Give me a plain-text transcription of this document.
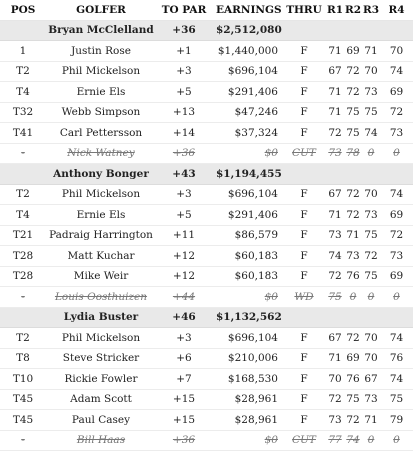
POS	GOLFER	TO PAR	EARNINGS	THRU	R1	R2	R3	R4
	Bryan McClelland	+36	$2,512,080					
1	Justin Rose	+1	$1,440,000	F	71	69	71	70
T2	Phil Mickelson	+3	$696,104	F	67	72	70	74
T4	Ernie Els	+5	$291,406	F	71	72	73	69
T32	Webb Simpson	+13	$47,246	F	71	75	75	72
T41	Carl Pettersson	+14	$37,324	F	72	75	74	73
-	Nick Watney	+36	$0	CUT	73	78	0	0
	Anthony Bonger	+43	$1,194,455					
T2	Phil Mickelson	+3	$696,104	F	67	72	70	74
T4	Ernie Els	+5	$291,406	F	71	72	73	69
T21	Padraig Harrington	+11	$86,579	F	73	71	75	72
T28	Matt Kuchar	+12	$60,183	F	74	73	72	73
T28	Mike Weir	+12	$60,183	F	72	76	75	69
-	Louis Oosthuizen	+44	$0	WD	75	0	0	0
	Lydia Buster	+46	$1,132,562					
T2	Phil Mickelson	+3	$696,104	F	67	72	70	74
T8	Steve Stricker	+6	$210,006	F	71	69	70	76
T10	Rickie Fowler	+7	$168,530	F	70	76	67	74
T45	Adam Scott	+15	$28,961	F	72	75	73	75
T45	Paul Casey	+15	$28,961	F	73	72	71	79
-	Bill Haas	+36	$0	CUT	77	74	0	0
